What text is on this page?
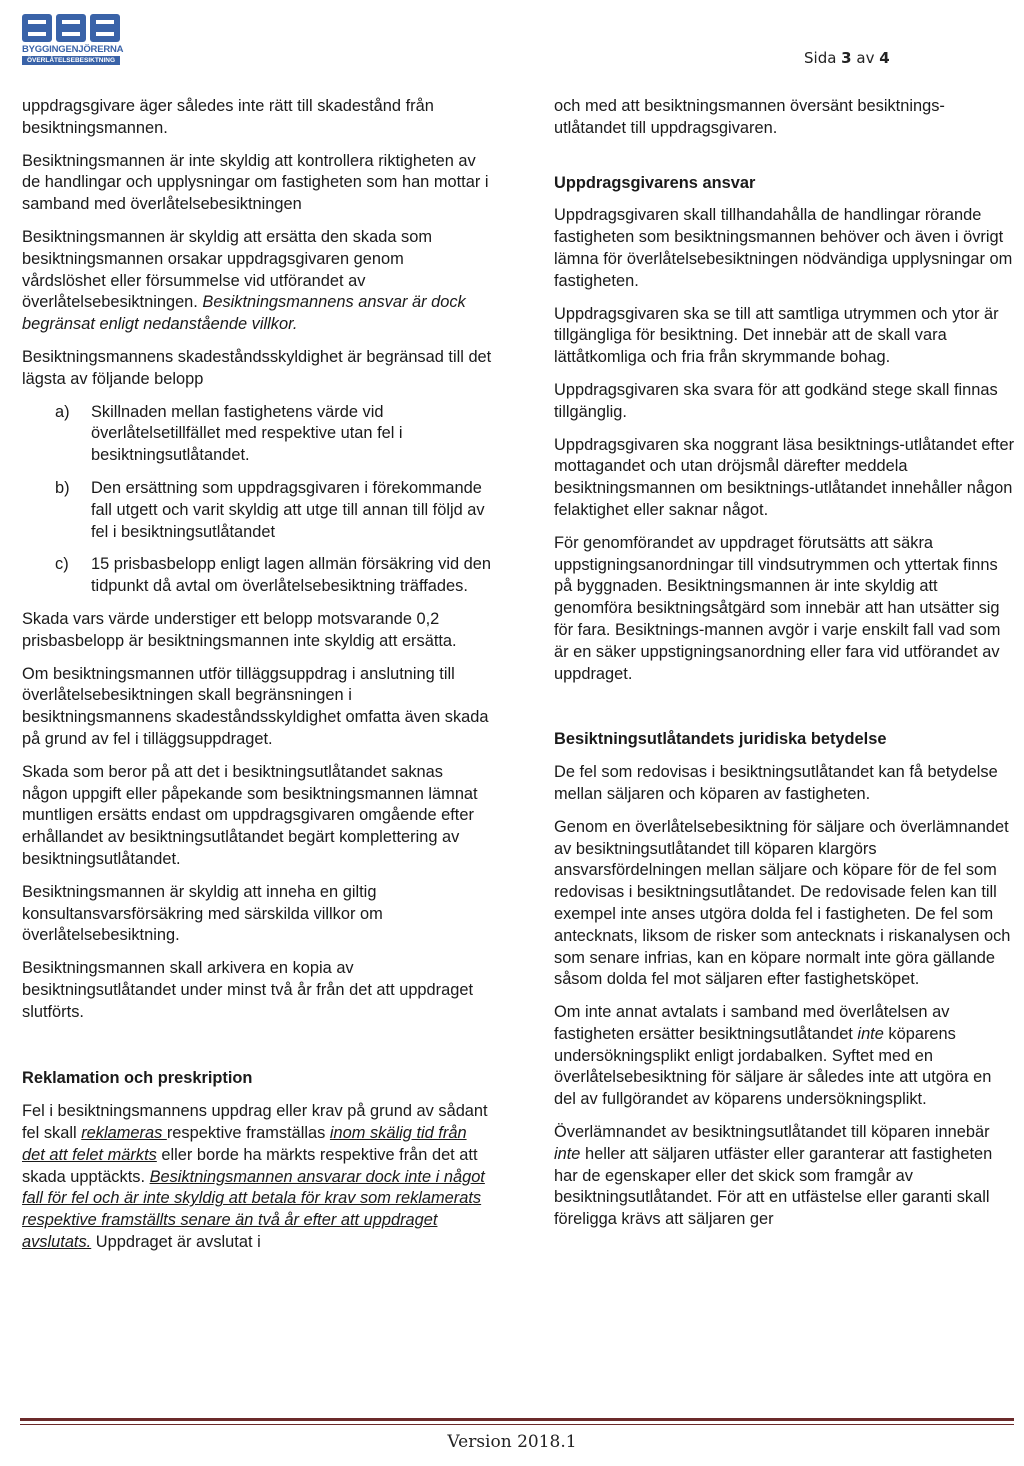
BYGGINGENJÖRERNA
ÖVERLÅTELSEBESIKTNING	Sida 3 av 4

uppdragsgivare äger således inte rätt till skadestånd från besiktningsmannen.

Besiktningsmannen är inte skyldig att kontrollera riktigheten av de handlingar och upplysningar om fastigheten som han mottar i samband med överlåtelsebesiktningen

Besiktningsmannen är skyldig att ersätta den skada som besiktningsmannen orsakar uppdragsgivaren genom vårdslöshet eller försummelse vid utförandet av överlåtelsebesiktningen. Besiktningsmannens ansvar är dock begränsat enligt nedanstående villkor.

Besiktningsmannens skadeståndsskyldighet är begränsad till det lägsta av följande belopp

a)	Skillnaden mellan fastighetens värde vid överlåtelsetillfället med respektive utan fel i besiktningsutlåtandet.
b)	Den ersättning som uppdragsgivaren i förekommande fall utgett och varit skyldig att utge till annan till följd av fel i besiktningsutlåtandet
c)	15 prisbasbelopp enligt lagen allmän försäkring vid den tidpunkt då avtal om överlåtelsebesiktning träffades.

Skada vars värde understiger ett belopp motsvarande 0,2 prisbasbelopp är besiktningsmannen inte skyldig att ersätta.

Om besiktningsmannen utför tilläggsuppdrag i anslutning till överlåtelsebesiktningen skall begränsningen i besiktningsmannens skadeståndsskyldighet omfatta även skada på grund av fel i tilläggsuppdraget.

Skada som beror på att det i besiktningsutlåtandet saknas någon uppgift eller påpekande som besiktningsmannen lämnat muntligen ersätts endast om uppdragsgivaren omgående efter erhållandet av besiktningsutlåtandet begärt komplettering av besiktningsutlåtandet.

Besiktningsmannen är skyldig att inneha en giltig konsultansvarsförsäkring med särskilda villkor om överlåtelsebesiktning.

Besiktningsmannen skall arkivera en kopia av besiktningsutlåtandet under minst två år från det att uppdraget slutförts.

Reklamation och preskription

Fel i besiktningsmannens uppdrag eller krav på grund av sådant fel skall reklameras respektive framställas inom skälig tid från det att felet märkts eller borde ha märkts respektive från det att skada upptäckts. Besiktningsmannen ansvarar dock inte i något fall för fel och är inte skyldig att betala för krav som reklamerats respektive framställts senare än två år efter att uppdraget avslutats. Uppdraget är avslutat i

och med att besiktningsmannen översänt besiktnings-utlåtandet till uppdragsgivaren.

Uppdragsgivarens ansvar

Uppdragsgivaren skall tillhandahålla de handlingar rörande fastigheten som besiktningsmannen behöver och även i övrigt lämna för överlåtelsebesiktningen nödvändiga upplysningar om fastigheten.

Uppdragsgivaren ska se till att samtliga utrymmen och ytor är tillgängliga för besiktning. Det innebär att de skall vara lättåtkomliga och fria från skrymmande bohag.

Uppdragsgivaren ska svara för att godkänd stege skall finnas tillgänglig.

Uppdragsgivaren ska noggrant läsa besiktnings-utlåtandet efter mottagandet och utan dröjsmål därefter meddela besiktningsmannen om besiktnings-utlåtandet innehåller någon felaktighet eller saknar något.

För genomförandet av uppdraget förutsätts att säkra uppstigningsanordningar till vindsutrymmen och yttertak finns på byggnaden. Besiktningsmannen är inte skyldig att genomföra besiktningsåtgärd som innebär att han utsätter sig för fara. Besiktnings-mannen avgör i varje enskilt fall vad som är en säker uppstigningsanordning eller fara vid utförandet av uppdraget.

Besiktningsutlåtandets juridiska betydelse

De fel som redovisas i besiktningsutlåtandet kan få betydelse mellan säljaren och köparen av fastigheten.

Genom en överlåtelsebesiktning för säljare och överlämnandet av besiktningsutlåtandet till köparen klargörs ansvarsfördelningen mellan säljare och köpare för de fel som redovisas i besiktningsutlåtandet. De redovisade felen kan till exempel inte anses utgöra dolda fel i fastigheten. De fel som antecknats, liksom de risker som antecknats i riskanalysen och som senare infrias, kan en köpare normalt inte göra gällande såsom dolda fel mot säljaren efter fastighetsköpet.

Om inte annat avtalats i samband med överlåtelsen av fastigheten ersätter besiktningsutlåtandet inte köparens undersökningsplikt enligt jordabalken. Syftet med en överlåtelsebesiktning för säljare är således inte att utgöra en del av fullgörandet av köparens undersökningsplikt.

Överlämnandet av besiktningsutlåtandet till köparen innebär inte heller att säljaren utfäster eller garanterar att fastigheten har de egenskaper eller det skick som framgår av besiktningsutlåtandet. För att en utfästelse eller garanti skall föreligga krävs att säljaren ger

Version 2018.1
